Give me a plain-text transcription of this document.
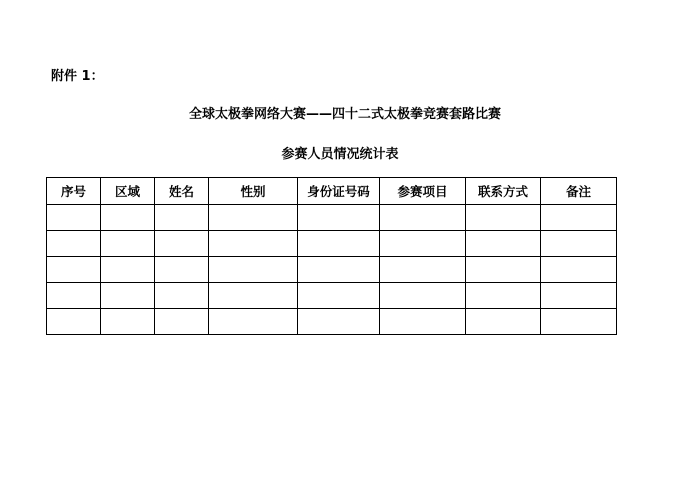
附件 1：
全球太极拳网络大赛——四十二式太极拳竞赛套路比赛
参赛人员情况统计表
序号	区域	姓名	性别	身份证号码	参赛项目	联系方式	备注
